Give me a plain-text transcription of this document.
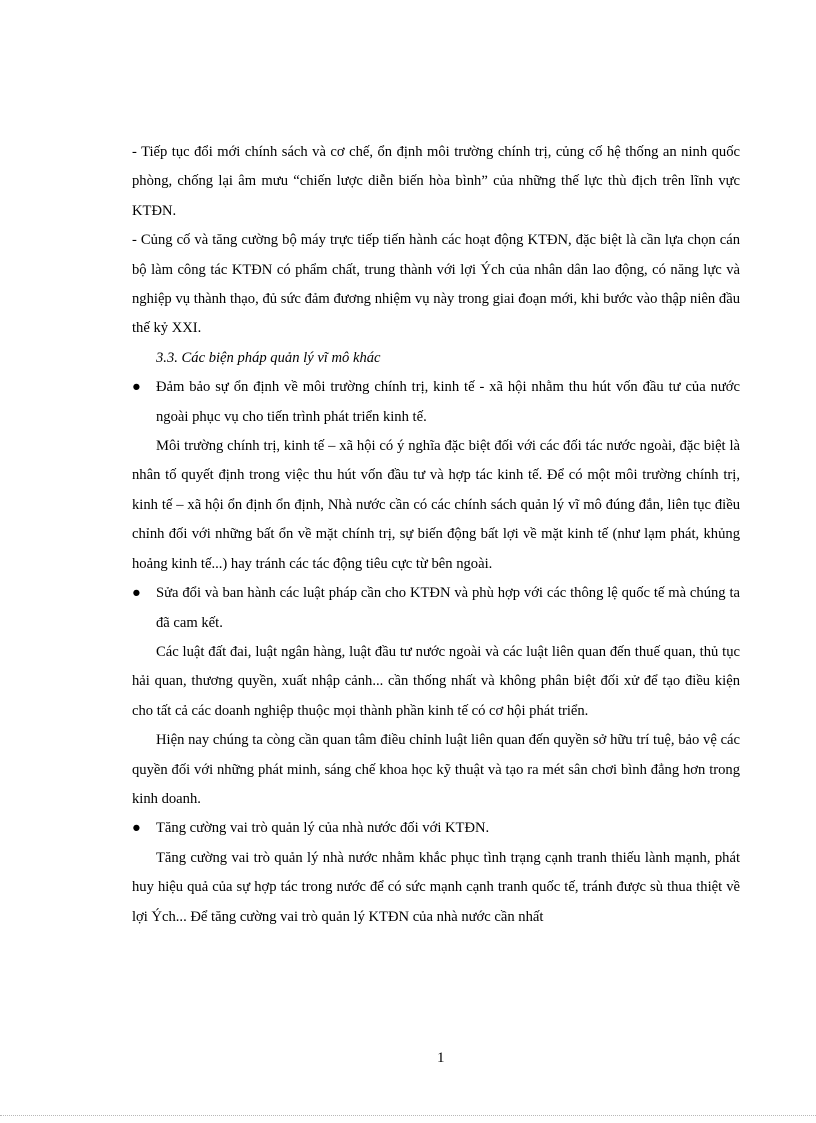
- Tiếp tục đổi mới chính sách và cơ chế, ổn định môi trường chính trị, củng cố hệ thống an ninh quốc phòng, chống lại âm mưu “chiến lược diễn biến hòa bình” của những thế lực thù địch trên lĩnh vực KTĐN.

- Củng cố và tăng cường bộ máy trực tiếp tiến hành các hoạt động KTĐN, đặc biệt là cần lựa chọn cán bộ làm công tác KTĐN có phẩm chất, trung thành với lợi Ých của nhân dân lao động, có năng lực và nghiệp vụ thành thạo, đủ sức đảm đương nhiệm vụ này trong giai đoạn mới, khi bước vào thập niên đầu thế kỷ XXI.

3.3. Các biện pháp quản lý vĩ mô khác

●	Đảm bảo sự ổn định về môi trường chính trị, kinh tế - xã hội nhằm thu hút vốn đầu tư của nước ngoài phục vụ cho tiến trình phát triển kinh tế.

Môi trường chính trị, kinh tế – xã hội có ý nghĩa đặc biệt đối với các đối tác nước ngoài, đặc biệt là nhân tố quyết định trong việc thu hút vốn đầu tư và hợp tác kinh tế. Để có một môi trường chính trị, kinh tế – xã hội ổn định ổn định, Nhà nước cần có các chính sách quản lý vĩ mô đúng đắn, liên tục điều chỉnh đối với những bất ổn về mặt chính trị, sự biến động bất lợi về mặt kinh tế (như lạm phát, khủng hoảng kinh tế...) hay tránh các tác động tiêu cực từ bên ngoài.

●	Sửa đổi và ban hành các luật pháp cần cho KTĐN và phù hợp với các thông lệ quốc tế mà chúng ta đã cam kết.

Các luật đất đai, luật ngân hàng, luật đầu tư nước ngoài và các luật liên quan đến thuế quan, thủ tục hải quan, thương quyền, xuất nhập cảnh... cần thống nhất và không phân biệt đối xử để tạo điều kiện cho tất cả các doanh nghiệp thuộc mọi thành phần kinh tế có cơ hội phát triển.

Hiện nay chúng ta còng cần quan tâm điều chỉnh luật liên quan đến quyền sở hữu trí tuệ, bảo vệ các quyền đối với những phát minh, sáng chế khoa học kỹ thuật và tạo ra mét sân chơi bình đẳng hơn trong kinh doanh.

●	Tăng cường vai trò quản lý của nhà nước đối với KTĐN.

Tăng cường vai trò quản lý nhà nước nhằm khắc phục tình trạng cạnh tranh thiếu lành mạnh, phát huy hiệu quả của sự hợp tác trong nước để có sức mạnh cạnh tranh quốc tế, tránh được sù thua thiệt về lợi Ých... Để tăng cường vai trò quản lý KTĐN của nhà nước cần nhất

1
